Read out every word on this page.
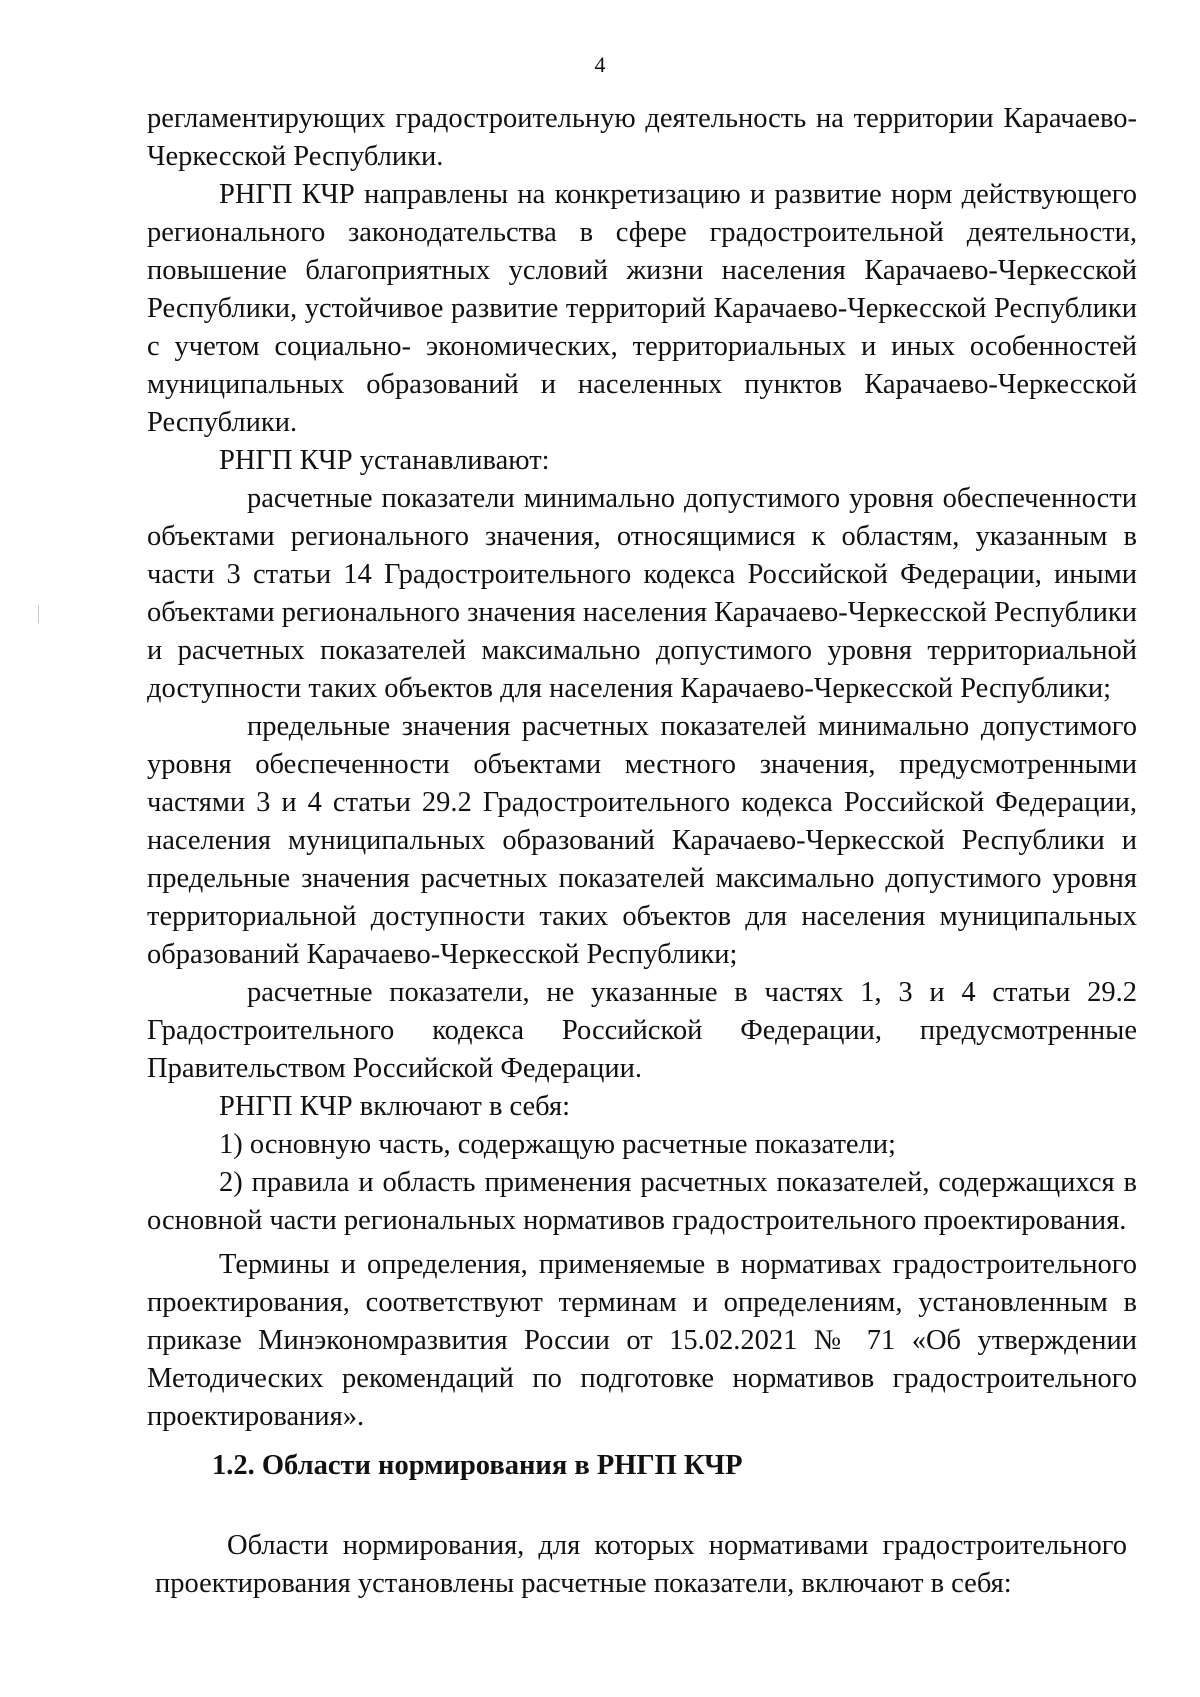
4

регламентирующих градостроительную деятельность на территории Карачаево-Черкесской Республики.

РНГП КЧР направлены на конкретизацию и развитие норм действующего регионального законодательства в сфере градостроительной деятельности, повышение благоприятных условий жизни населения Карачаево-Черкесской Республики, устойчивое развитие территорий Карачаево-Черкесской Республики с учетом социально- экономических, территориальных и иных особенностей муниципальных образований и населенных пунктов Карачаево-Черкесской Республики.

РНГП КЧР устанавливают:

расчетные показатели минимально допустимого уровня обеспеченности объектами регионального значения, относящимися к областям, указанным в части 3 статьи 14 Градостроительного кодекса Российской Федерации, иными объектами регионального значения населения Карачаево-Черкесской Республики и расчетных показателей максимально допустимого уровня территориальной доступности таких объектов для населения Карачаево-Черкесской Республики;

предельные значения расчетных показателей минимально допустимого уровня обеспеченности объектами местного значения, предусмотренными частями 3 и 4 статьи 29.2 Градостроительного кодекса Российской Федерации, населения муниципальных образований Карачаево-Черкесской Республики и предельные значения расчетных показателей максимально допустимого уровня территориальной доступности таких объектов для населения муниципальных образований Карачаево-Черкесской Республики;

расчетные показатели, не указанные в частях 1, 3 и 4 статьи 29.2 Градостроительного кодекса Российской Федерации, предусмотренные Правительством Российской Федерации.

РНГП КЧР включают в себя:

1) основную часть, содержащую расчетные показатели;

2) правила и область применения расчетных показателей, содержащихся в основной части региональных нормативов градостроительного проектирования.

Термины и определения, применяемые в нормативах градостроительного проектирования, соответствуют терминам и определениям, установленным в приказе Минэкономразвития России от 15.02.2021 № 71 «Об утверждении Методических рекомендаций по подготовке нормативов градостроительного проектирования».

1.2. Области нормирования в РНГП КЧР

Области нормирования, для которых нормативами градостроительного проектирования установлены расчетные показатели, включают в себя:
